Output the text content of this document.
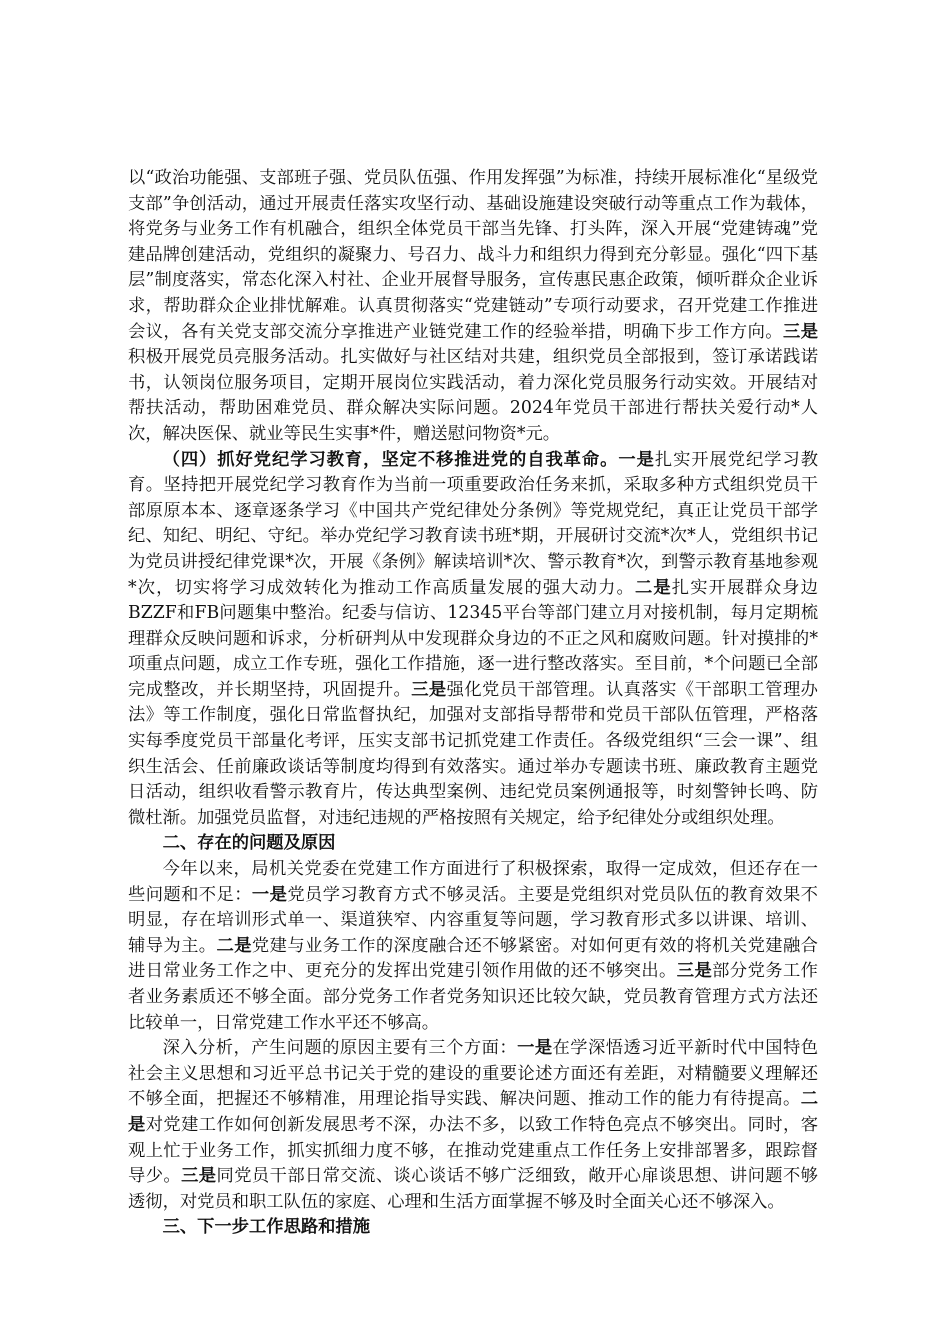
以“政治功能强、支部班子强、党员队伍强、作用发挥强”为标准，持续开展标准化“星级党支部”争创活动，通过开展责任落实攻坚行动、基础设施建设突破行动等重点工作为载体，将党务与业务工作有机融合，组织全体党员干部当先锋、打头阵，深入开展“党建铸魂”党建品牌创建活动，党组织的凝聚力、号召力、战斗力和组织力得到充分彰显。强化“四下基层”制度落实，常态化深入村社、企业开展督导服务，宣传惠民惠企政策，倾听群众企业诉求，帮助群众企业排忧解难。认真贯彻落实“党建链动”专项行动要求，召开党建工作推进会议，各有关党支部交流分享推进产业链党建工作的经验举措，明确下步工作方向。三是积极开展党员亮服务活动。扎实做好与社区结对共建，组织党员全部报到，签订承诺践诺书，认领岗位服务项目，定期开展岗位实践活动，着力深化党员服务行动实效。开展结对帮扶活动，帮助困难党员、群众解决实际问题。2024年党员干部进行帮扶关爱行动*人次，解决医保、就业等民生实事*件，赠送慰问物资*元。

（四）抓好党纪学习教育，坚定不移推进党的自我革命。一是扎实开展党纪学习教育。坚持把开展党纪学习教育作为当前一项重要政治任务来抓，采取多种方式组织党员干部原原本本、逐章逐条学习《中国共产党纪律处分条例》等党规党纪，真正让党员干部学纪、知纪、明纪、守纪。举办党纪学习教育读书班*期，开展研讨交流*次*人，党组织书记为党员讲授纪律党课*次，开展《条例》解读培训*次、警示教育*次，到警示教育基地参观*次，切实将学习成效转化为推动工作高质量发展的强大动力。二是扎实开展群众身边BZZF和FB问题集中整治。纪委与信访、12345平台等部门建立月对接机制，每月定期梳理群众反映问题和诉求，分析研判从中发现群众身边的不正之风和腐败问题。针对摸排的*项重点问题，成立工作专班，强化工作措施，逐一进行整改落实。至目前，*个问题已全部完成整改，并长期坚持，巩固提升。三是强化党员干部管理。认真落实《干部职工管理办法》等工作制度，强化日常监督执纪，加强对支部指导帮带和党员干部队伍管理，严格落实每季度党员干部量化考评，压实支部书记抓党建工作责任。各级党组织“三会一课”、组织生活会、任前廉政谈话等制度均得到有效落实。通过举办专题读书班、廉政教育主题党日活动，组织收看警示教育片，传达典型案例、违纪党员案例通报等，时刻警钟长鸣、防微杜渐。加强党员监督，对违纪违规的严格按照有关规定，给予纪律处分或组织处理。

二、存在的问题及原因

今年以来，局机关党委在党建工作方面进行了积极探索，取得一定成效，但还存在一些问题和不足：一是党员学习教育方式不够灵活。主要是党组织对党员队伍的教育效果不明显，存在培训形式单一、渠道狭窄、内容重复等问题，学习教育形式多以讲课、培训、辅导为主。二是党建与业务工作的深度融合还不够紧密。对如何更有效的将机关党建融合进日常业务工作之中、更充分的发挥出党建引领作用做的还不够突出。三是部分党务工作者业务素质还不够全面。部分党务工作者党务知识还比较欠缺，党员教育管理方式方法还比较单一，日常党建工作水平还不够高。

深入分析，产生问题的原因主要有三个方面：一是在学深悟透习近平新时代中国特色社会主义思想和习近平总书记关于党的建设的重要论述方面还有差距，对精髓要义理解还不够全面，把握还不够精准，用理论指导实践、解决问题、推动工作的能力有待提高。二是对党建工作如何创新发展思考不深，办法不多，以致工作特色亮点不够突出。同时，客观上忙于业务工作，抓实抓细力度不够，在推动党建重点工作任务上安排部署多，跟踪督导少。三是同党员干部日常交流、谈心谈话不够广泛细致，敞开心扉谈思想、讲问题不够透彻，对党员和职工队伍的家庭、心理和生活方面掌握不够及时全面关心还不够深入。

三、下一步工作思路和措施
